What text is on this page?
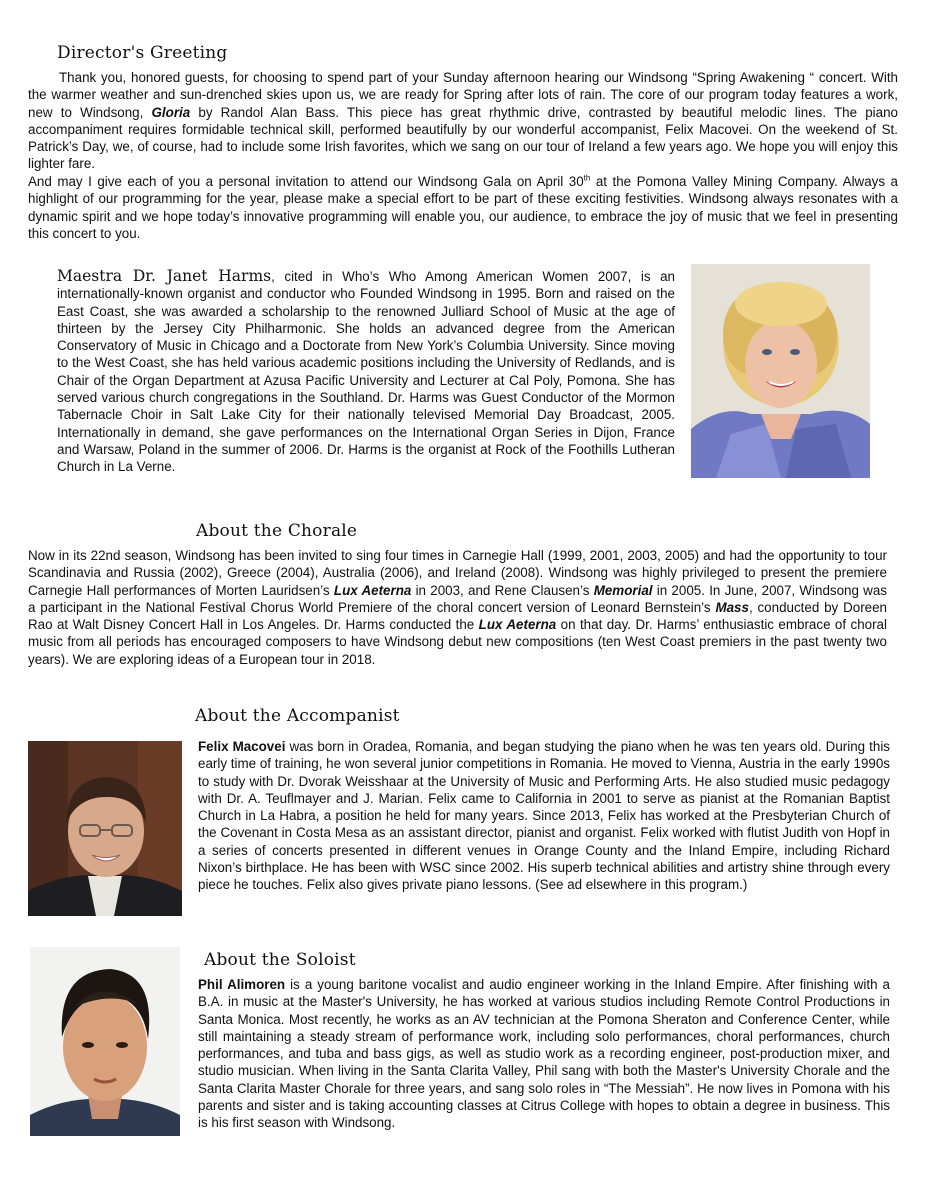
Director's Greeting

Thank you, honored guests, for choosing to spend part of your Sunday afternoon hearing our Windsong “Spring Awakening “ concert. With the warmer weather and sun-drenched skies upon us, we are ready for Spring after lots of rain. The core of our program today features a work, new to Windsong, Gloria by Randol Alan Bass. This piece has great rhythmic drive, contrasted by beautiful melodic lines. The piano accompaniment requires formidable technical skill, performed beautifully by our wonderful accompanist, Felix Macovei. On the weekend of St. Patrick’s Day, we, of course, had to include some Irish favorites, which we sang on our tour of Ireland a few years ago. We hope you will enjoy this lighter fare.

And may I give each of you a personal invitation to attend our Windsong Gala on April 30th at the Pomona Valley Mining Company. Always a highlight of our programming for the year, please make a special effort to be part of these exciting festivities. Windsong always resonates with a dynamic spirit and we hope today’s innovative programming will enable you, our audience, to embrace the joy of music that we feel in presenting this concert to you.

Maestra Dr. Janet Harms, cited in Who’s Who Among American Women 2007, is an internationally-known organist and conductor who Founded Windsong in 1995. Born and raised on the East Coast, she was awarded a scholarship to the renowned Julliard School of Music at the age of thirteen by the Jersey City Philharmonic. She holds an advanced degree from the American Conservatory of Music in Chicago and a Doctorate from New York’s Columbia University. Since moving to the West Coast, she has held various academic positions including the University of Redlands, and is Chair of the Organ Department at Azusa Pacific University and Lecturer at Cal Poly, Pomona. She has served various church congregations in the Southland. Dr. Harms was Guest Conductor of the Mormon Tabernacle Choir in Salt Lake City for their nationally televised Memorial Day Broadcast, 2005. Internationally in demand, she gave performances on the International Organ Series in Dijon, France and Warsaw, Poland in the summer of 2006. Dr. Harms is the organist at Rock of the Foothills Lutheran Church in La Verne.

About the Chorale

Now in its 22nd season, Windsong has been invited to sing four times in Carnegie Hall (1999, 2001, 2003, 2005) and had the opportunity to tour Scandinavia and Russia (2002), Greece (2004), Australia (2006), and Ireland (2008). Windsong was highly privileged to present the premiere Carnegie Hall performances of Morten Lauridsen’s Lux Aeterna in 2003, and Rene Clausen’s Memorial in 2005. In June, 2007, Windsong was a participant in the National Festival Chorus World Premiere of the choral concert version of Leonard Bernstein’s Mass, conducted by Doreen Rao at Walt Disney Concert Hall in Los Angeles. Dr. Harms conducted the Lux Aeterna on that day. Dr. Harms’ enthusiastic embrace of choral music from all periods has encouraged composers to have Windsong debut new compositions (ten West Coast premiers in the past twenty two years). We are exploring ideas of a European tour in 2018.

About the Accompanist

Felix Macovei was born in Oradea, Romania, and began studying the piano when he was ten years old. During this early time of training, he won several junior competitions in Romania. He moved to Vienna, Austria in the early 1990s to study with Dr. Dvorak Weisshaar at the University of Music and Performing Arts. He also studied music pedagogy with Dr. A. Teuflmayer and J. Marian. Felix came to California in 2001 to serve as pianist at the Romanian Baptist Church in La Habra, a position he held for many years. Since 2013, Felix has worked at the Presbyterian Church of the Covenant in Costa Mesa as an assistant director, pianist and organist. Felix worked with flutist Judith von Hopf in a series of concerts presented in different venues in Orange County and the Inland Empire, including Richard Nixon’s birthplace. He has been with WSC since 2002. His superb technical abilities and artistry shine through every piece he touches. Felix also gives private piano lessons. (See ad elsewhere in this program.)

About the Soloist

Phil Alimoren is a young baritone vocalist and audio engineer working in the Inland Empire. After finishing with a B.A. in music at the Master's University, he has worked at various studios including Remote Control Productions in Santa Monica. Most recently, he works as an AV technician at the Pomona Sheraton and Conference Center, while still maintaining a steady stream of performance work, including solo performances, choral performances, church performances, and tuba and bass gigs, as well as studio work as a recording engineer, post-production mixer, and studio musician. When living in the Santa Clarita Valley, Phil sang with both the Master's University Chorale and the Santa Clarita Master Chorale for three years, and sang solo roles in “The Messiah”. He now lives in Pomona with his parents and sister and is taking accounting classes at Citrus College with hopes to obtain a degree in business. This is his first season with Windsong.
